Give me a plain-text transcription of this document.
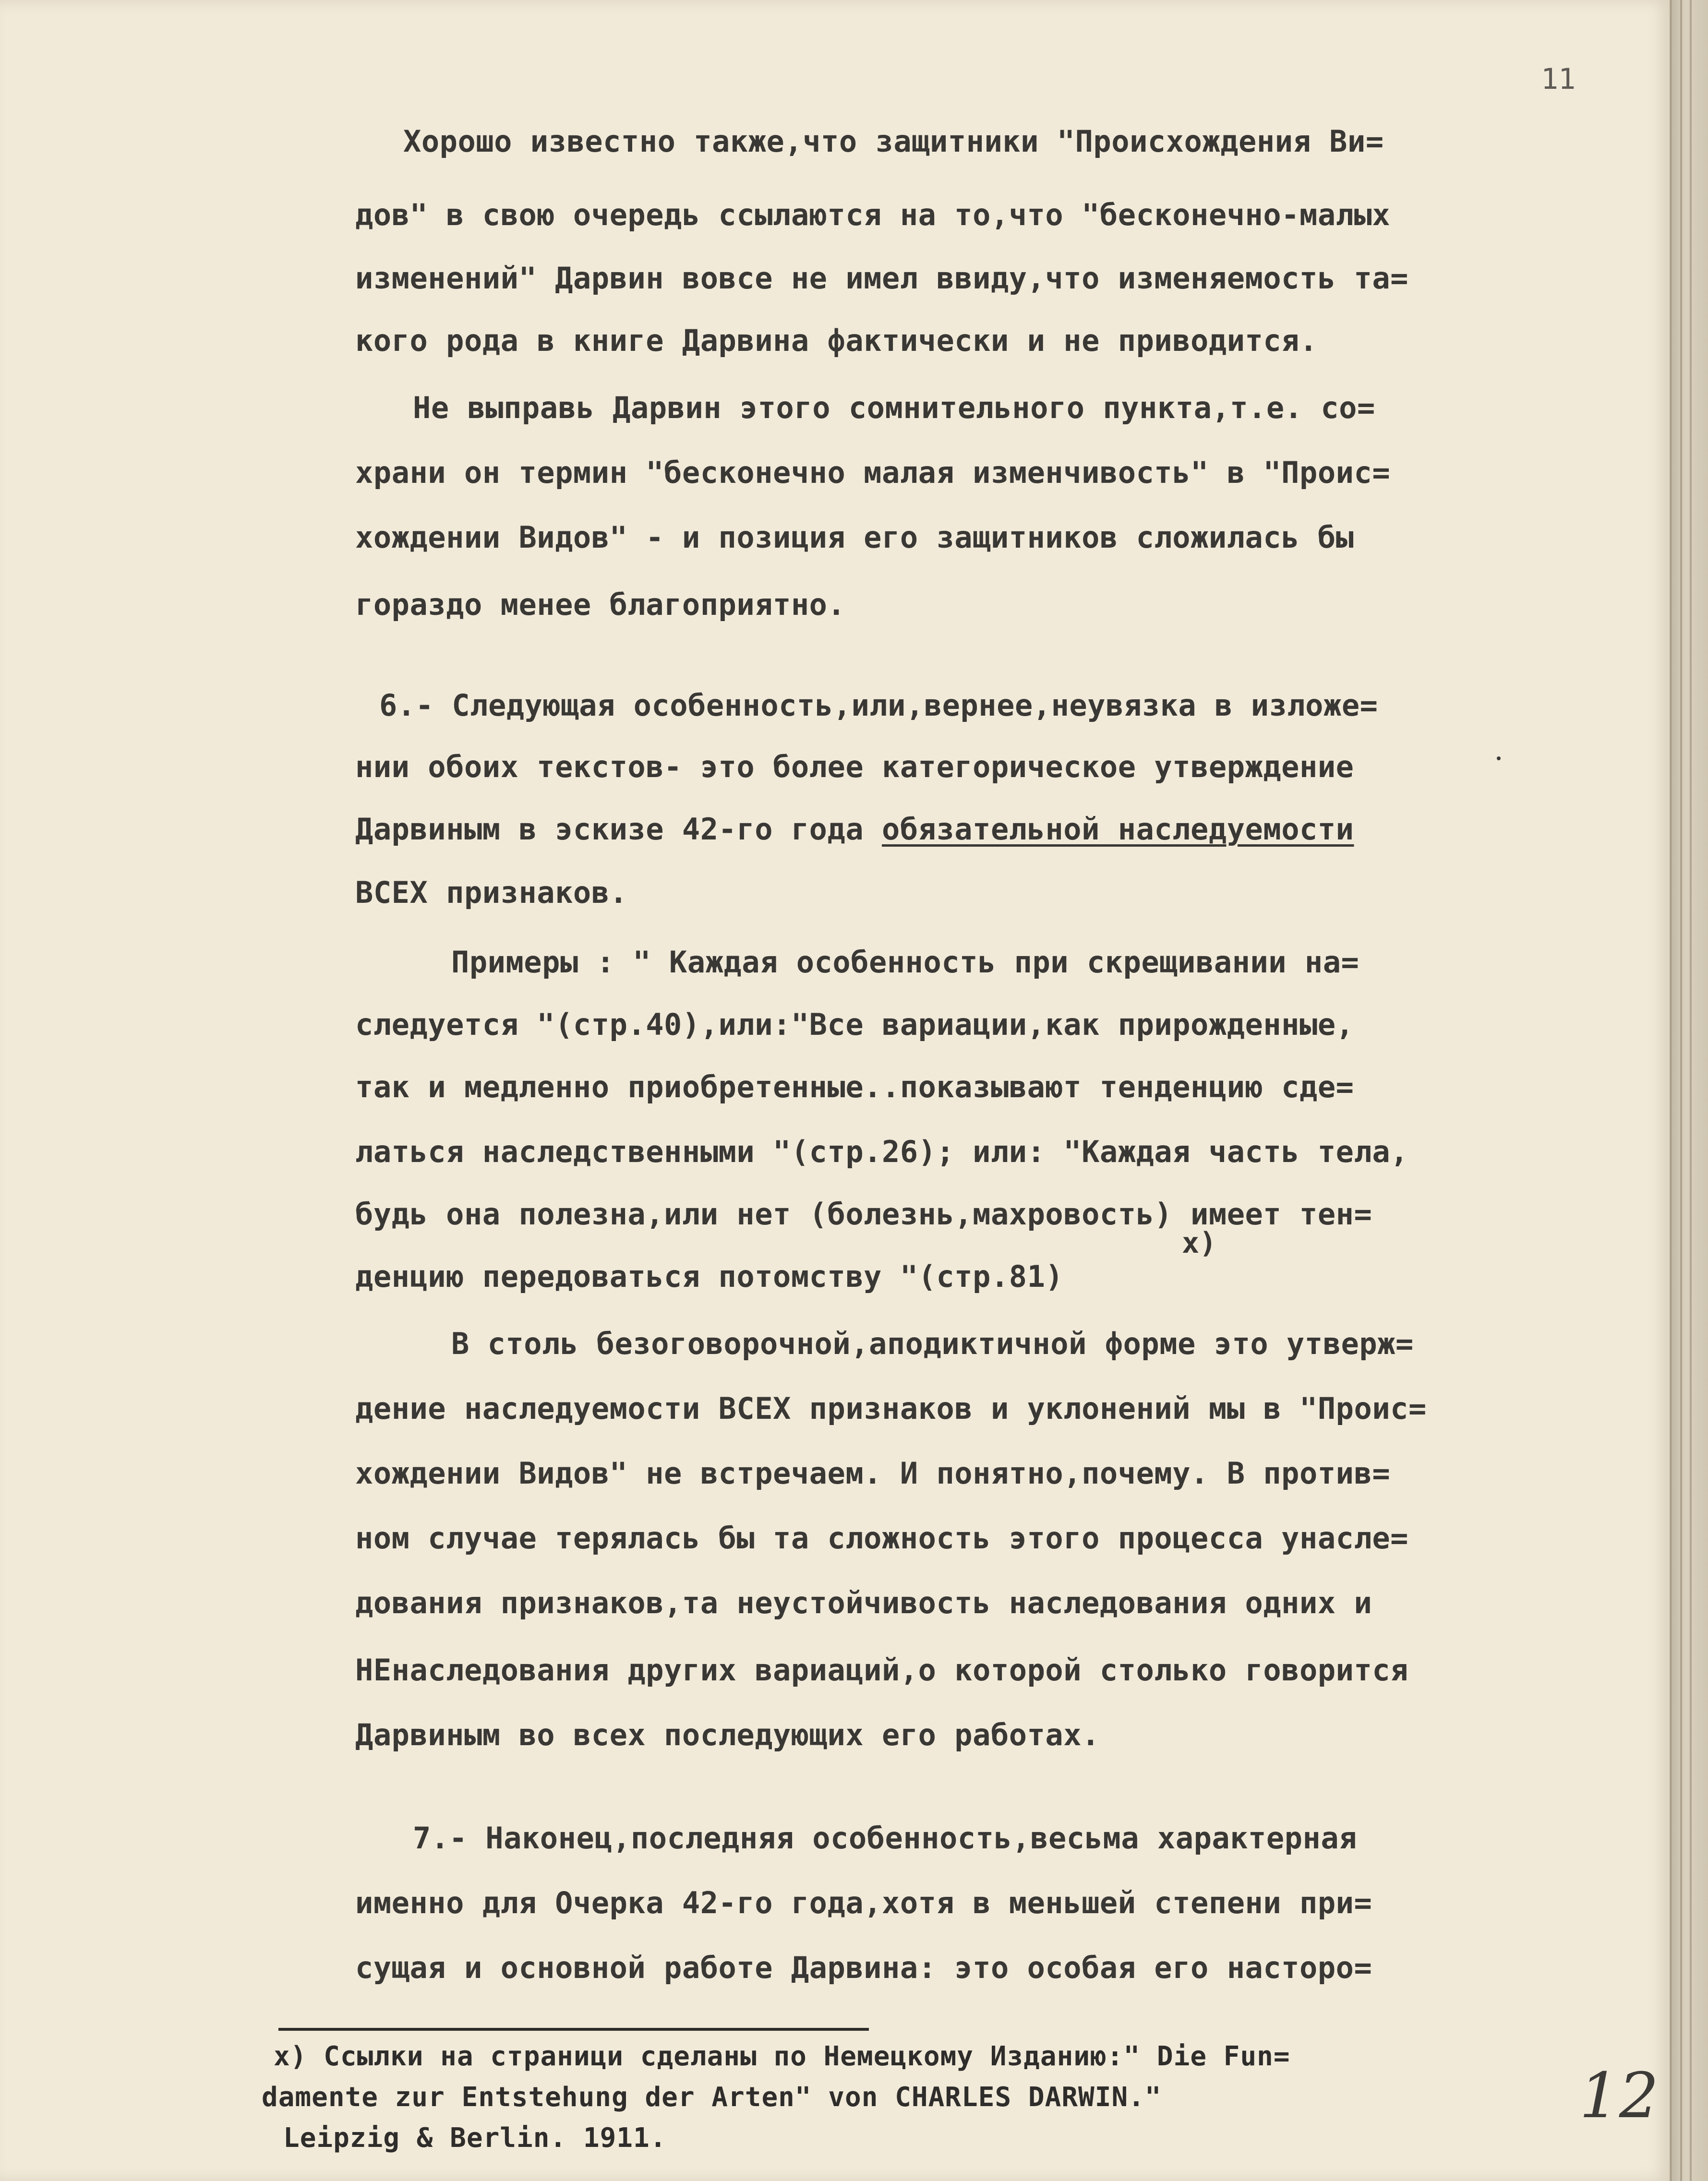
11
Хорошо известно также,что защитники "Происхождения Ви=
дов" в свою очередь ссылаются на то,что "бесконечно-малых
изменений" Дарвин вовсе не имел ввиду,что изменяемость та=
кого рода в книге Дарвина фактически и не приводится.
Не выправь Дарвин этого сомнительного пункта,т.е. со=
храни он термин "бесконечно малая изменчивость" в "Проис=
хождении Видов" - и позиция его защитников сложилась бы
гораздо менее благоприятно.
6.- Следующая особенность,или,вернее,неувязка в изложе=
нии обоих текстов- это более категорическое утверждение
Дарвиным в эскизе 42-го года обязательной наследуемости
ВСЕХ признаков.
Примеры : " Каждая особенность при скрещивании на=
следуется "(стр.40),или:"Все вариации,как прирожденные,
так и медленно приобретенные..показывают тенденцию сде=
латься наследственными "(стр.26); или: "Каждая часть тела,
будь она полезна,или нет (болезнь,махровость) имеет тен=
x)
денцию передоваться потомству "(стр.81)
В столь безоговорочной,аподиктичной форме это утверж=
дение наследуемости ВСЕХ признаков и уклонений мы в "Проис=
хождении Видов" не встречаем. И понятно,почему. В против=
ном случае терялась бы та сложность этого процесса унасле=
дования признаков,та неустойчивость наследования одних и
НЕнаследования других вариаций,о которой столько говорится
Дарвиным во всех последующих его работах.
7.- Наконец,последняя особенность,весьма характерная
именно для Очерка 42-го года,хотя в меньшей степени при=
сущая и основной работе Дарвина: это особая его насторо=
x) Ссылки на страници сделаны по Немецкому Изданию:" Die Fun=
damente zur Entstehung der Arten" von CHARLES DARWIN."
Leipzig & Berlin. 1911.
12
